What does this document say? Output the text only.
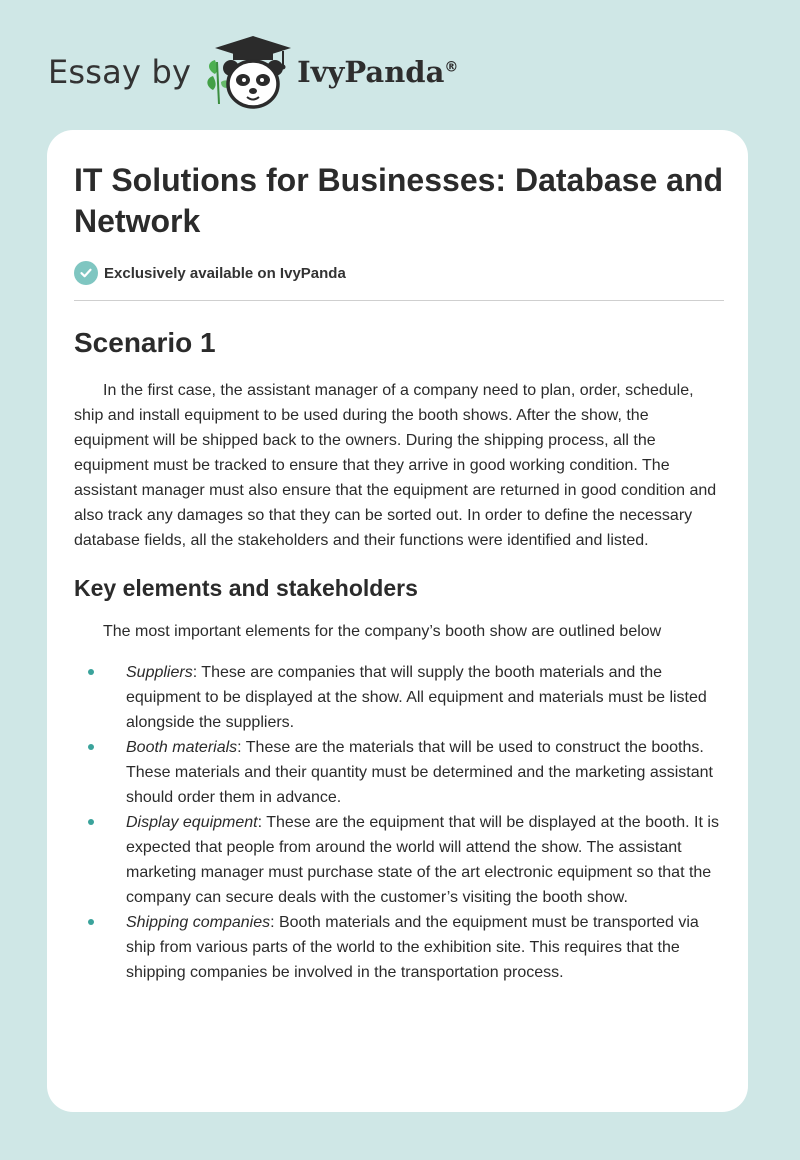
Essay by	IvyPanda®
IT Solutions for Businesses: Database and Network
Exclusively available on IvyPanda
Scenario 1

In the first case, the assistant manager of a company need to plan, order, schedule, ship and install equipment to be used during the booth shows. After the show, the equipment will be shipped back to the owners. During the shipping process, all the equipment must be tracked to ensure that they arrive in good working condition. The assistant manager must also ensure that the equipment are returned in good condition and also track any damages so that they can be sorted out. In order to define the necessary database fields, all the stakeholders and their functions were identified and listed.

Key elements and stakeholders

The most important elements for the company’s booth show are outlined below

Suppliers: These are companies that will supply the booth materials and the equipment to be displayed at the show. All equipment and materials must be listed alongside the suppliers.
Booth materials: These are the materials that will be used to construct the booths. These materials and their quantity must be determined and the marketing assistant should order them in advance.
Display equipment: These are the equipment that will be displayed at the booth. It is expected that people from around the world will attend the show. The assistant marketing manager must purchase state of the art electronic equipment so that the company can secure deals with the customer’s visiting the booth show.
Shipping companies: Booth materials and the equipment must be transported via ship from various parts of the world to the exhibition site. This requires that the shipping companies be involved in the transportation process.
